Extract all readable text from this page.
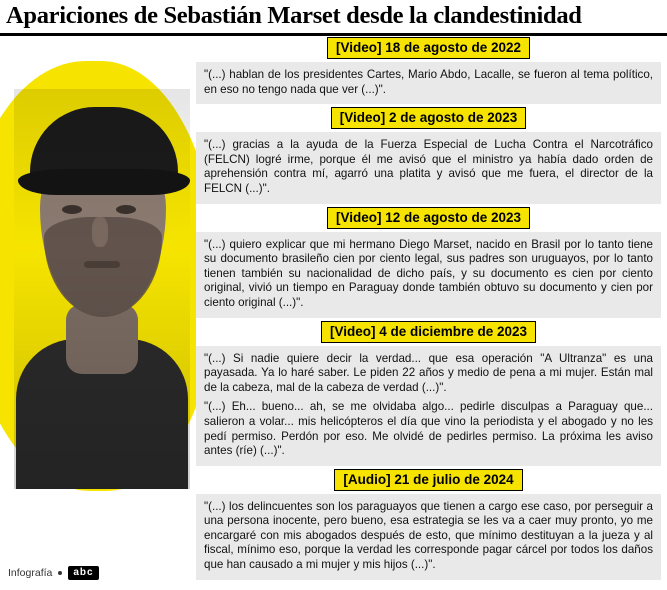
Apariciones de Sebastián Marset desde la clandestinidad
Infografía	abc
[Video] 18 de agosto de 2022

"(...) hablan de los presidentes Cartes, Mario Abdo, Lacalle, se fueron al tema político, en eso no tengo nada que ver (...)".

[Video] 2 de agosto de 2023

"(...) gracias a la ayuda de la Fuerza Especial de Lucha Contra el Narcotráfico (FELCN) logré irme, porque él me avisó que el ministro ya había dado orden de aprehensión contra mí, agarró una platita y avisó que me fuera, el director de la FELCN (...)".

[Video] 12 de agosto de 2023

"(...) quiero explicar que mi hermano Diego Marset, nacido en Brasil por lo tanto tiene su documento brasileño cien por ciento legal, sus padres son uruguayos, por lo tanto tienen también su nacionalidad de dicho país, y su documento es cien por ciento original, vivió un tiempo en Paraguay donde también obtuvo su documento y cien por ciento original (...)".

[Video] 4 de diciembre de 2023

"(...) Si nadie quiere decir la verdad... que esa operación "A Ultranza" es una payasada. Ya lo haré saber. Le piden 22 años y medio de pena a mi mujer. Están mal de la cabeza, mal de la cabeza de verdad (...)".

"(...) Eh... bueno... ah, se me olvidaba algo... pedirle disculpas a Paraguay que... salieron a volar... mis helicópteros el día que vino la periodista y el abogado y no les pedí permiso. Perdón por eso. Me olvidé de pedirles permiso. La próxima les aviso antes (ríe) (...)".

[Audio] 21 de julio de 2024

"(...) los delincuentes son los paraguayos que tienen a cargo ese caso, por perseguir a una persona inocente, pero bueno, esa estrategia se les va a caer muy pronto, yo me encargaré con mis abogados después de esto, que mínimo destituyan a la jueza y al fiscal, mínimo eso, porque la verdad les corresponde pagar cárcel por todos los daños que han causado a mi mujer y mis hijos (...)".
